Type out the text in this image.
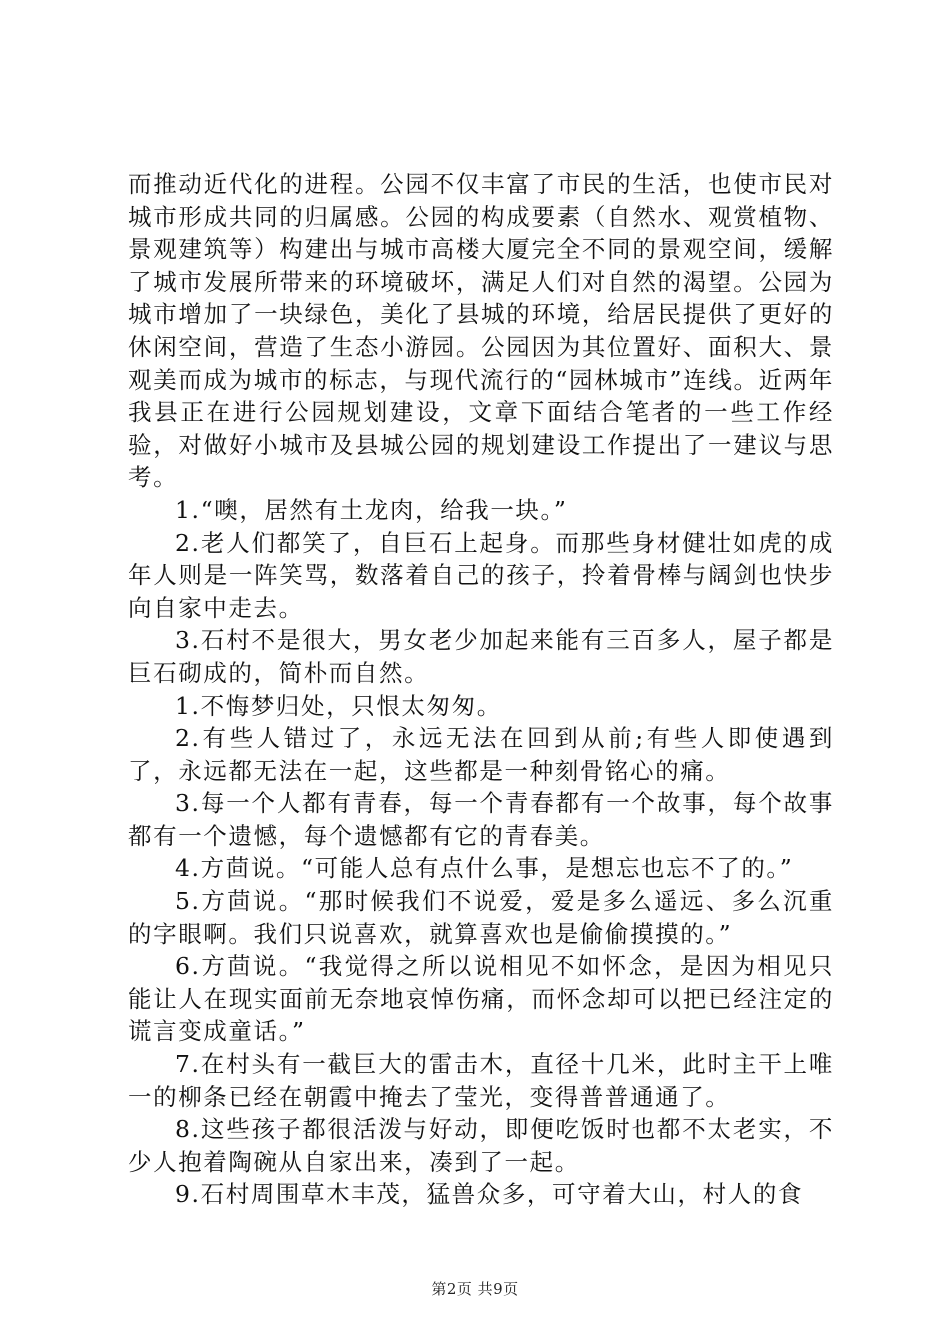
而推动近代化的进程。公园不仅丰富了市民的生活，也使市民对城市形成共同的归属感。公园的构成要素（自然水、观赏植物、景观建筑等）构建出与城市高楼大厦完全不同的景观空间，缓解了城市发展所带来的环境破坏，满足人们对自然的渴望。公园为城市增加了一块绿色，美化了县城的环境，给居民提供了更好的休闲空间，营造了生态小游园。公园因为其位置好、面积大、景观美而成为城市的标志，与现代流行的“园林城市”连线。近两年我县正在进行公园规划建设，文章下面结合笔者的一些工作经验，对做好小城市及县城公园的规划建设工作提出了一建议与思考。

1.“噢，居然有土龙肉，给我一块。”

2.老人们都笑了，自巨石上起身。而那些身材健壮如虎的成年人则是一阵笑骂，数落着自己的孩子，拎着骨棒与阔剑也快步向自家中走去。

3.石村不是很大，男女老少加起来能有三百多人，屋子都是巨石砌成的，简朴而自然。

1.不悔梦归处，只恨太匆匆。

2.有些人错过了，永远无法在回到从前;有些人即使遇到了，永远都无法在一起，这些都是一种刻骨铭心的痛。

3.每一个人都有青春，每一个青春都有一个故事，每个故事都有一个遗憾，每个遗憾都有它的青春美。

4.方茴说。“可能人总有点什么事，是想忘也忘不了的。”

5.方茴说。“那时候我们不说爱，爱是多么遥远、多么沉重的字眼啊。我们只说喜欢，就算喜欢也是偷偷摸摸的。”

6.方茴说。“我觉得之所以说相见不如怀念，是因为相见只能让人在现实面前无奈地哀悼伤痛，而怀念却可以把已经注定的谎言变成童话。”

7.在村头有一截巨大的雷击木，直径十几米，此时主干上唯一的柳条已经在朝霞中掩去了莹光，变得普普通通了。

8.这些孩子都很活泼与好动，即便吃饭时也都不太老实，不少人抱着陶碗从自家出来，凑到了一起。

9.石村周围草木丰茂，猛兽众多，可守着大山，村人的食

第2页 共9页
